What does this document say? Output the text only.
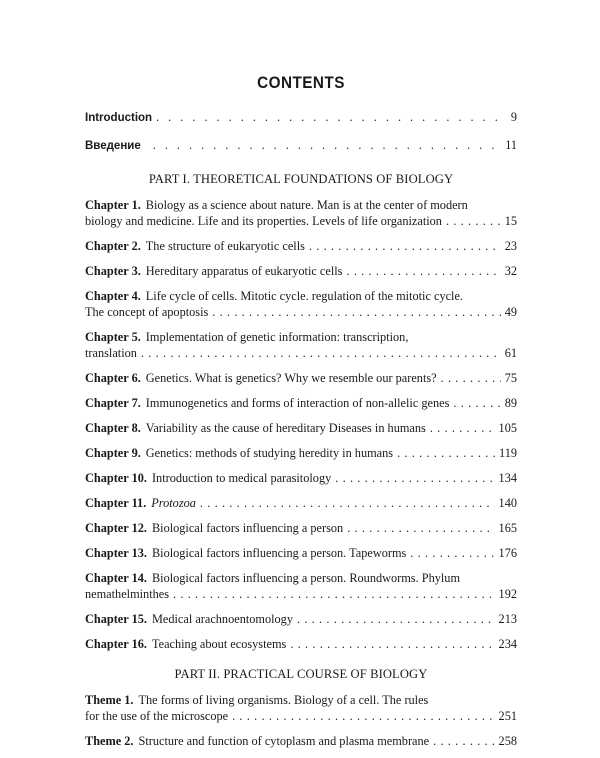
CONTENTS
Introduction . . .	9
Введение . . .	11
PART I. THEORETICAL FOUNDATIONS OF BIOLOGY
Chapter 1. Biology as a science about nature. Man is at the center of modern
biology and medicine. Life and its properties. Levels of life organization . . .	15
Chapter 2. The structure of eukaryotic cells . . .	23
Chapter 3. Hereditary apparatus of eukaryotic cells . . .	32
Chapter 4. Life cycle of cells. Mitotic cycle. regulation of the mitotic cycle.
The concept of apoptosis . . .	49
Chapter 5. Implementation of genetic information: transcription,
translation . . .	61
Chapter 6. Genetics. What is genetics? Why we resemble our parents? . . .	75
Chapter 7. Immunogenetics and forms of interaction of non-allelic genes . . .	89
Chapter 8. Variability as the cause of hereditary Diseases in humans . . .	105
Chapter 9. Genetics: methods of studying heredity in humans . . .	119
Chapter 10. Introduction to medical parasitology . . .	134
Chapter 11. Protozoa . . .	140
Chapter 12. Biological factors influencing a person . . .	165
Chapter 13. Biological factors influencing a person. Tapeworms . . .	176
Chapter 14. Biological factors influencing a person. Roundworms. Phylum
nemathelminthes . . .	192
Chapter 15. Medical arachnoentomology . . .	213
Chapter 16. Teaching about ecosystems . . .	234
PART II. PRACTICAL COURSE OF BIOLOGY
Theme 1. The forms of living organisms. Biology of a cell. The rules
for the use of the microscope . . .	251
Theme 2. Structure and function of cytoplasm and plasma membrane . . .	258
